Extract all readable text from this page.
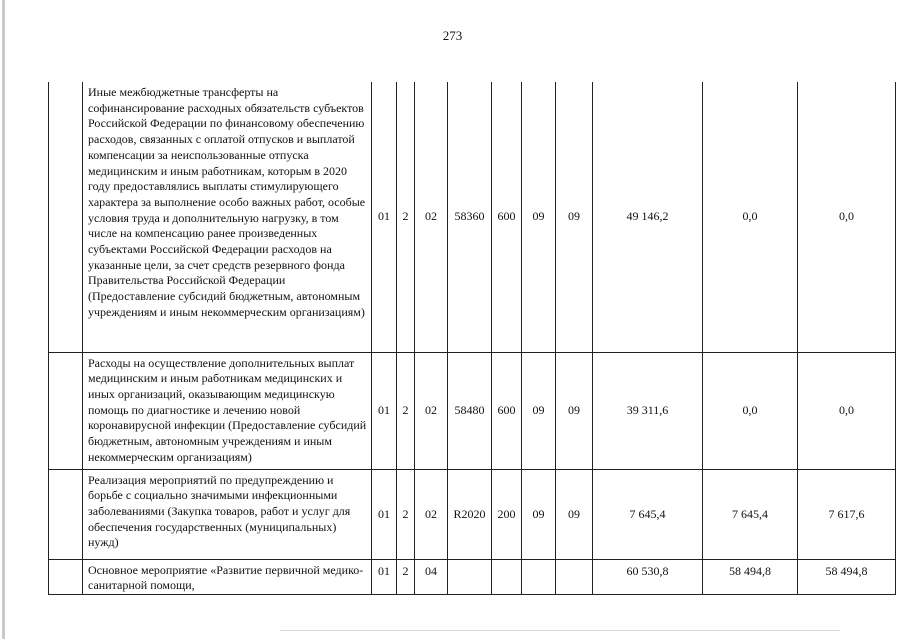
273
	Иные межбюджетные трансферты на софинансирование расходных обязательств субъектов Российской Федерации по финансовому обеспечению расходов, связанных с оплатой отпусков и выплатой компенсации за неиспользованные отпуска медицинским и иным работникам, которым в 2020 году предоставлялись выплаты стимулирующего характера за выполнение особо важных работ, особые условия труда и дополнительную нагрузку, в том числе на компенсацию ранее произведенных субъектами Российской Федерации расходов на указанные цели, за счет средств резервного фонда Правительства Российской Федерации (Предоставление субсидий бюджетным, автономным учреждениям и иным некоммерческим организациям)	01	2	02	58360	600	09	09	49 146,2	0,0	0,0
	Расходы на осуществление дополнительных выплат медицинским и иным работникам медицинских и иных организаций, оказывающим медицинскую помощь по диагностике и лечению новой коронавирусной инфекции (Предоставление субсидий бюджетным, автономным учреждениям и иным некоммерческим организациям)	01	2	02	58480	600	09	09	39 311,6	0,0	0,0
	Реализация мероприятий по предупреждению и борьбе с социально значимыми инфекционными заболеваниями (Закупка товаров, работ и услуг для обеспечения государственных (муниципальных) нужд)	01	2	02	R2020	200	09	09	7 645,4	7 645,4	7 617,6
	Основное мероприятие «Развитие первичной медико-санитарной помощи,	01	2	04					60 530,8	58 494,8	58 494,8
